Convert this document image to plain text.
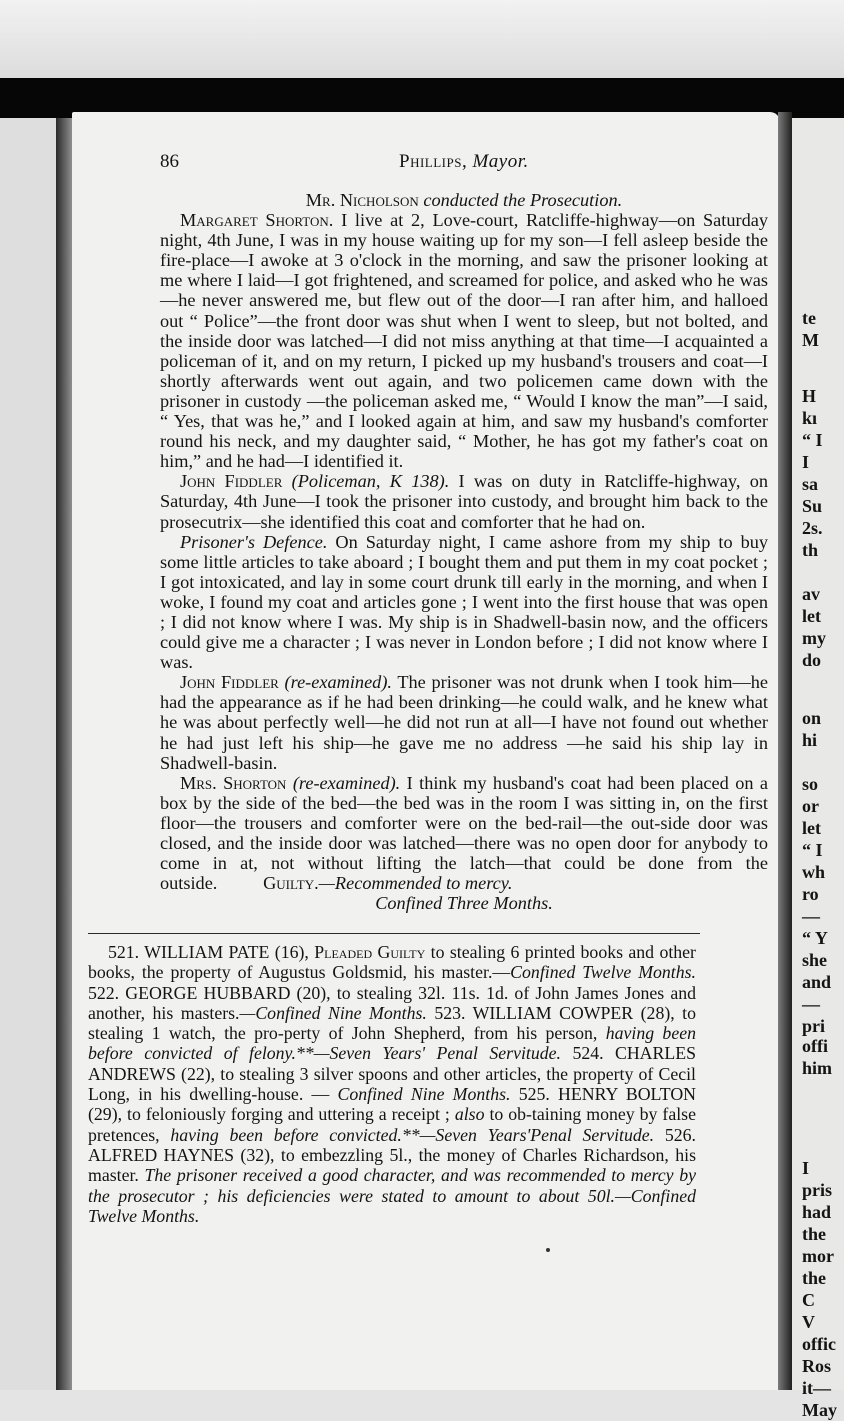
86	Phillips, Mayor.

Mr. Nicholson conducted the Prosecution.

Margaret Shorton. I live at 2, Love-court, Ratcliffe-highway—on Saturday night, 4th June, I was in my house waiting up for my son—I fell asleep beside the fire-place—I awoke at 3 o'clock in the morning, and saw the prisoner looking at me where I laid—I got frightened, and screamed for police, and asked who he was—he never answered me, but flew out of the door—I ran after him, and halloed out “ Police”—the front door was shut when I went to sleep, but not bolted, and the inside door was latched—I did not miss anything at that time—I acquainted a policeman of it, and on my return, I picked up my husband's trousers and coat—I shortly afterwards went out again, and two policemen came down with the prisoner in custody —the policeman asked me, “ Would I know the man”—I said, “ Yes, that was he,” and I looked again at him, and saw my husband's comforter round his neck, and my daughter said, “ Mother, he has got my father's coat on him,” and he had—I identified it.

John Fiddler (Policeman, K 138). I was on duty in Ratcliffe-highway, on Saturday, 4th June—I took the prisoner into custody, and brought him back to the prosecutrix—she identified this coat and comforter that he had on.

Prisoner's Defence. On Saturday night, I came ashore from my ship to buy some little articles to take aboard ; I bought them and put them in my coat pocket ; I got intoxicated, and lay in some court drunk till early in the morning, and when I woke, I found my coat and articles gone ; I went into the first house that was open ; I did not know where I was. My ship is in Shadwell-basin now, and the officers could give me a character ; I was never in London before ; I did not know where I was.

John Fiddler (re-examined). The prisoner was not drunk when I took him—he had the appearance as if he had been drinking—he could walk, and he knew what he was about perfectly well—he did not run at all—I have not found out whether he had just left his ship—he gave me no address —he said his ship lay in Shadwell-basin.

Mrs. Shorton (re-examined). I think my husband's coat had been placed on a box by the side of the bed—the bed was in the room I was sitting in, on the first floor—the trousers and comforter were on the bed-rail—the out-side door was closed, and the inside door was latched—there was no open door for anybody to come in at, not without lifting the latch—that could be done from the outside. Guilty.—Recommended to mercy.

Confined Three Months.

521. WILLIAM PATE (16), Pleaded Guilty to stealing 6 printed books and other books, the property of Augustus Goldsmid, his master.—Confined Twelve Months. 522. GEORGE HUBBARD (20), to stealing 32l. 11s. 1d. of John James Jones and another, his masters.—Confined Nine Months. 523. WILLIAM COWPER (28), to stealing 1 watch, the pro-perty of John Shepherd, from his person, having been before convicted of felony.**—Seven Years' Penal Servitude. 524. CHARLES ANDREWS (22), to stealing 3 silver spoons and other articles, the property of Cecil Long, in his dwelling-house. — Confined Nine Months. 525. HENRY BOLTON (29), to feloniously forging and uttering a receipt ; also to ob-taining money by false pretences, having been before convicted.**—Seven Years'Penal Servitude. 526. ALFRED HAYNES (32), to embezzling 5l., the money of Charles Richardson, his master. The prisoner received a good character, and was recommended to mercy by the prosecutor ; his deficiencies were stated to amount to about 50l.—Confined Twelve Months.

te
M
H
kı
“ I
I
sa
Su
2s.
th
av
let
my
do
on
hi
so
or
let
“ I
wh
ro
—
“ Y
she
and
—
pri
offi
him
I
pris
had
the
mor
the
C
V
offic
Ros
it—
May
